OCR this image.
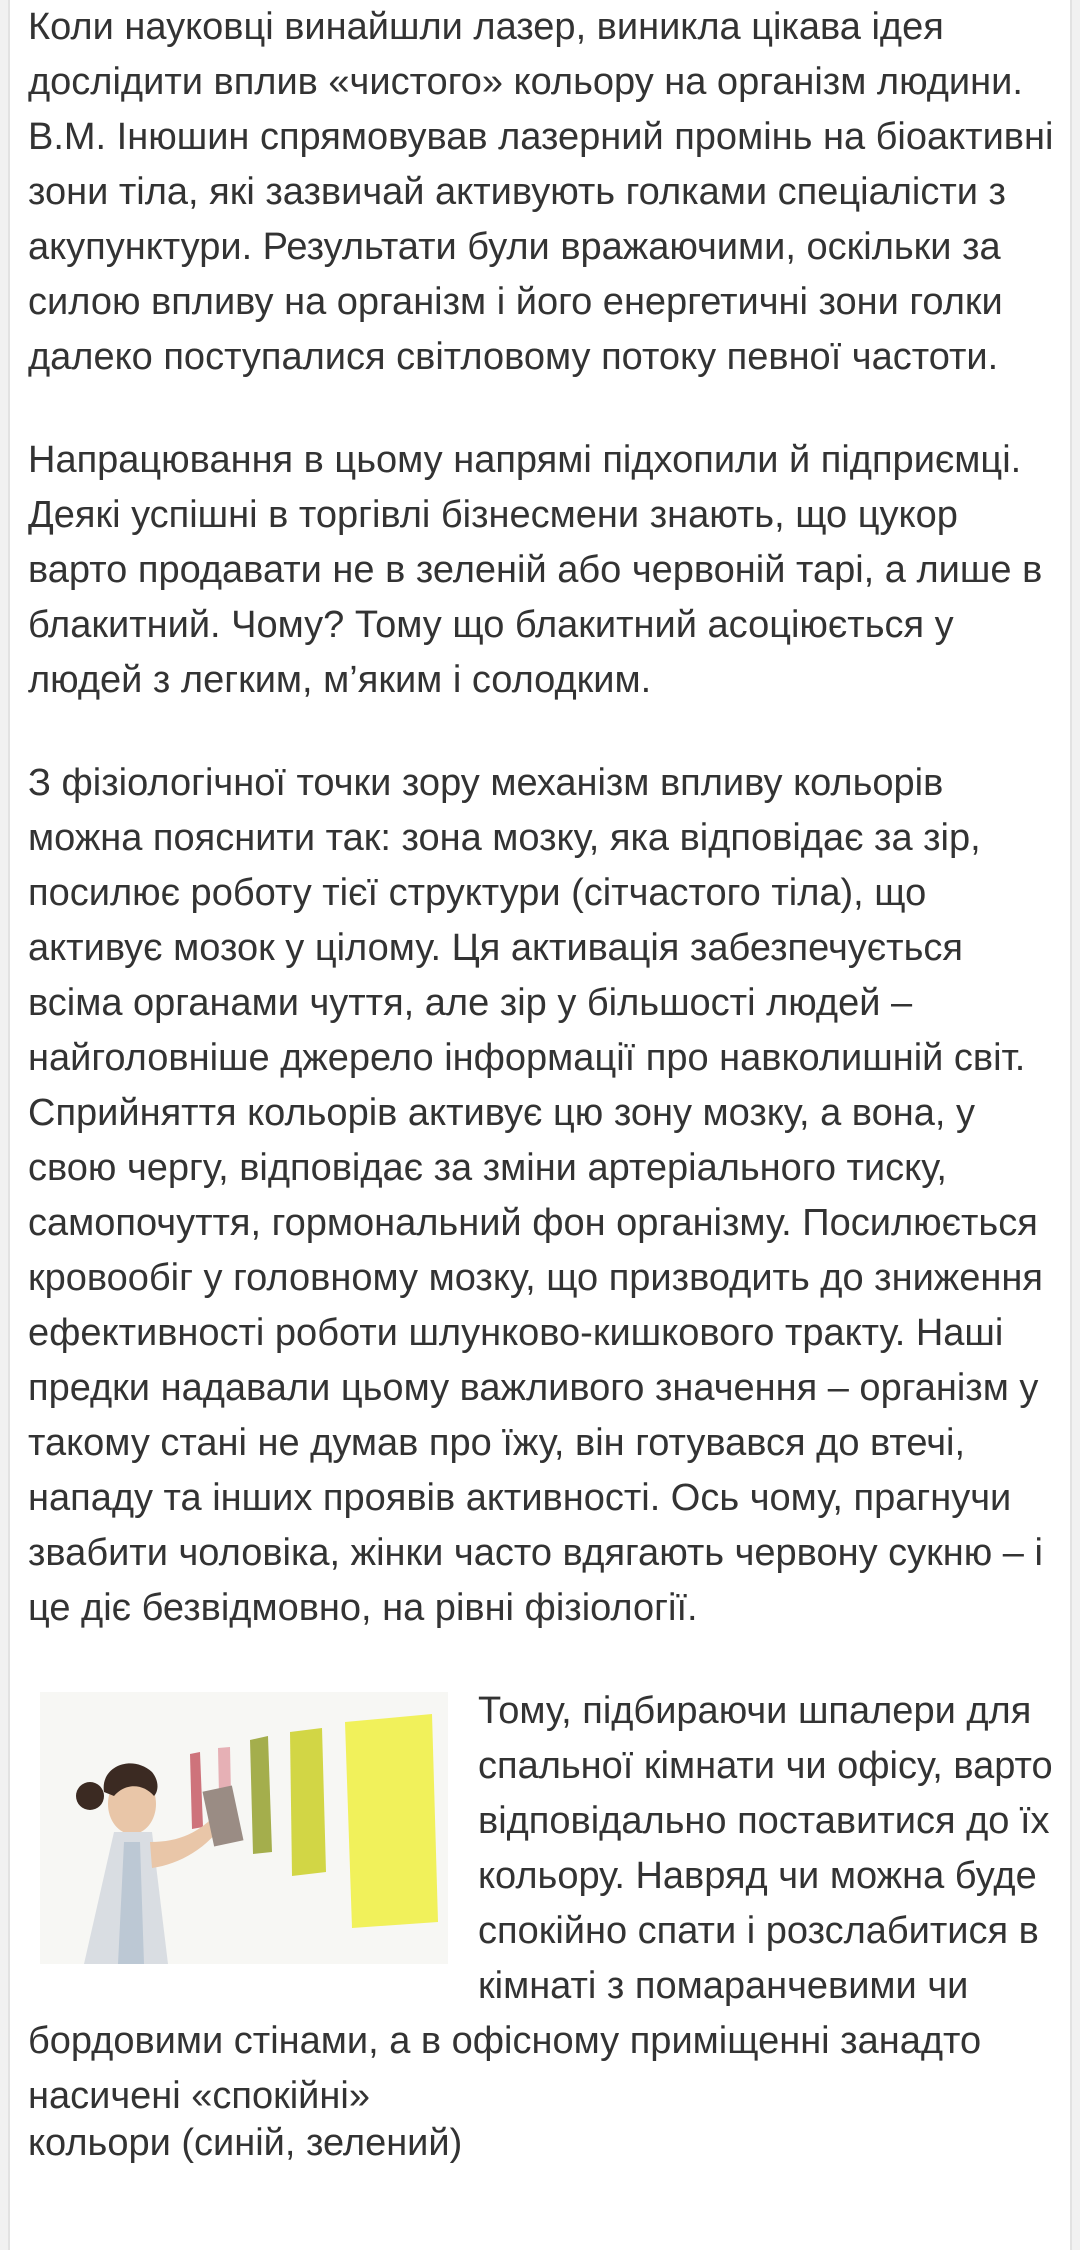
Коли науковці винайшли лазер, виникла цікава ідея дослідити вплив «чистого» кольору на організм людини. В.М. Інюшин спрямовував лазерний промінь на біоактивні зони тіла, які зазвичай активують голками спеціалісти з акупунктури. Результати були вражаючими, оскільки за силою впливу на організм і його енергетичні зони голки далеко поступалися світловому потоку певної частоти.

Напрацювання в цьому напрямі підхопили й підприємці. Деякі успішні в торгівлі бізнесмени знають, що цукор варто продавати не в зеленій або червоній тарі, а лише в блакитний. Чому? Тому що блакитний асоціюється у людей з легким, м’яким і солодким.

З фізіологічної точки зору механізм впливу кольорів можна пояснити так: зона мозку, яка відповідає за зір, посилює роботу тієї структури (сітчастого тіла), що активує мозок у цілому. Ця активація забезпечується всіма органами чуття, але зір у більшості людей – найголовніше джерело інформації про навколишній світ. Сприйняття кольорів активує цю зону мозку, а вона, у свою чергу, відповідає за зміни артеріального тиску, самопочуття, гормональний фон організму. Посилюється кровообіг у головному мозку, що призводить до зниження ефективності роботи шлунково-кишкового тракту. Наші предки надавали цьому важливого значення – організм у такому стані не думав про їжу, він готувався до втечі, нападу та інших проявів активності. Ось чому, прагнучи звабити чоловіка, жінки часто вдягають червону сукню – і це діє безвідмовно, на рівні фізіології.

Тому, підбираючи шпалери для спальної кімнати чи офісу, варто відповідально поставитися до їх кольору. Навряд чи можна буде спокійно спати і розслабитися в кімнаті з помаранчевими чи бордовими стінами, а в офісному приміщенні занадто насичені «спокійні»
кольори (синій, зелений)
